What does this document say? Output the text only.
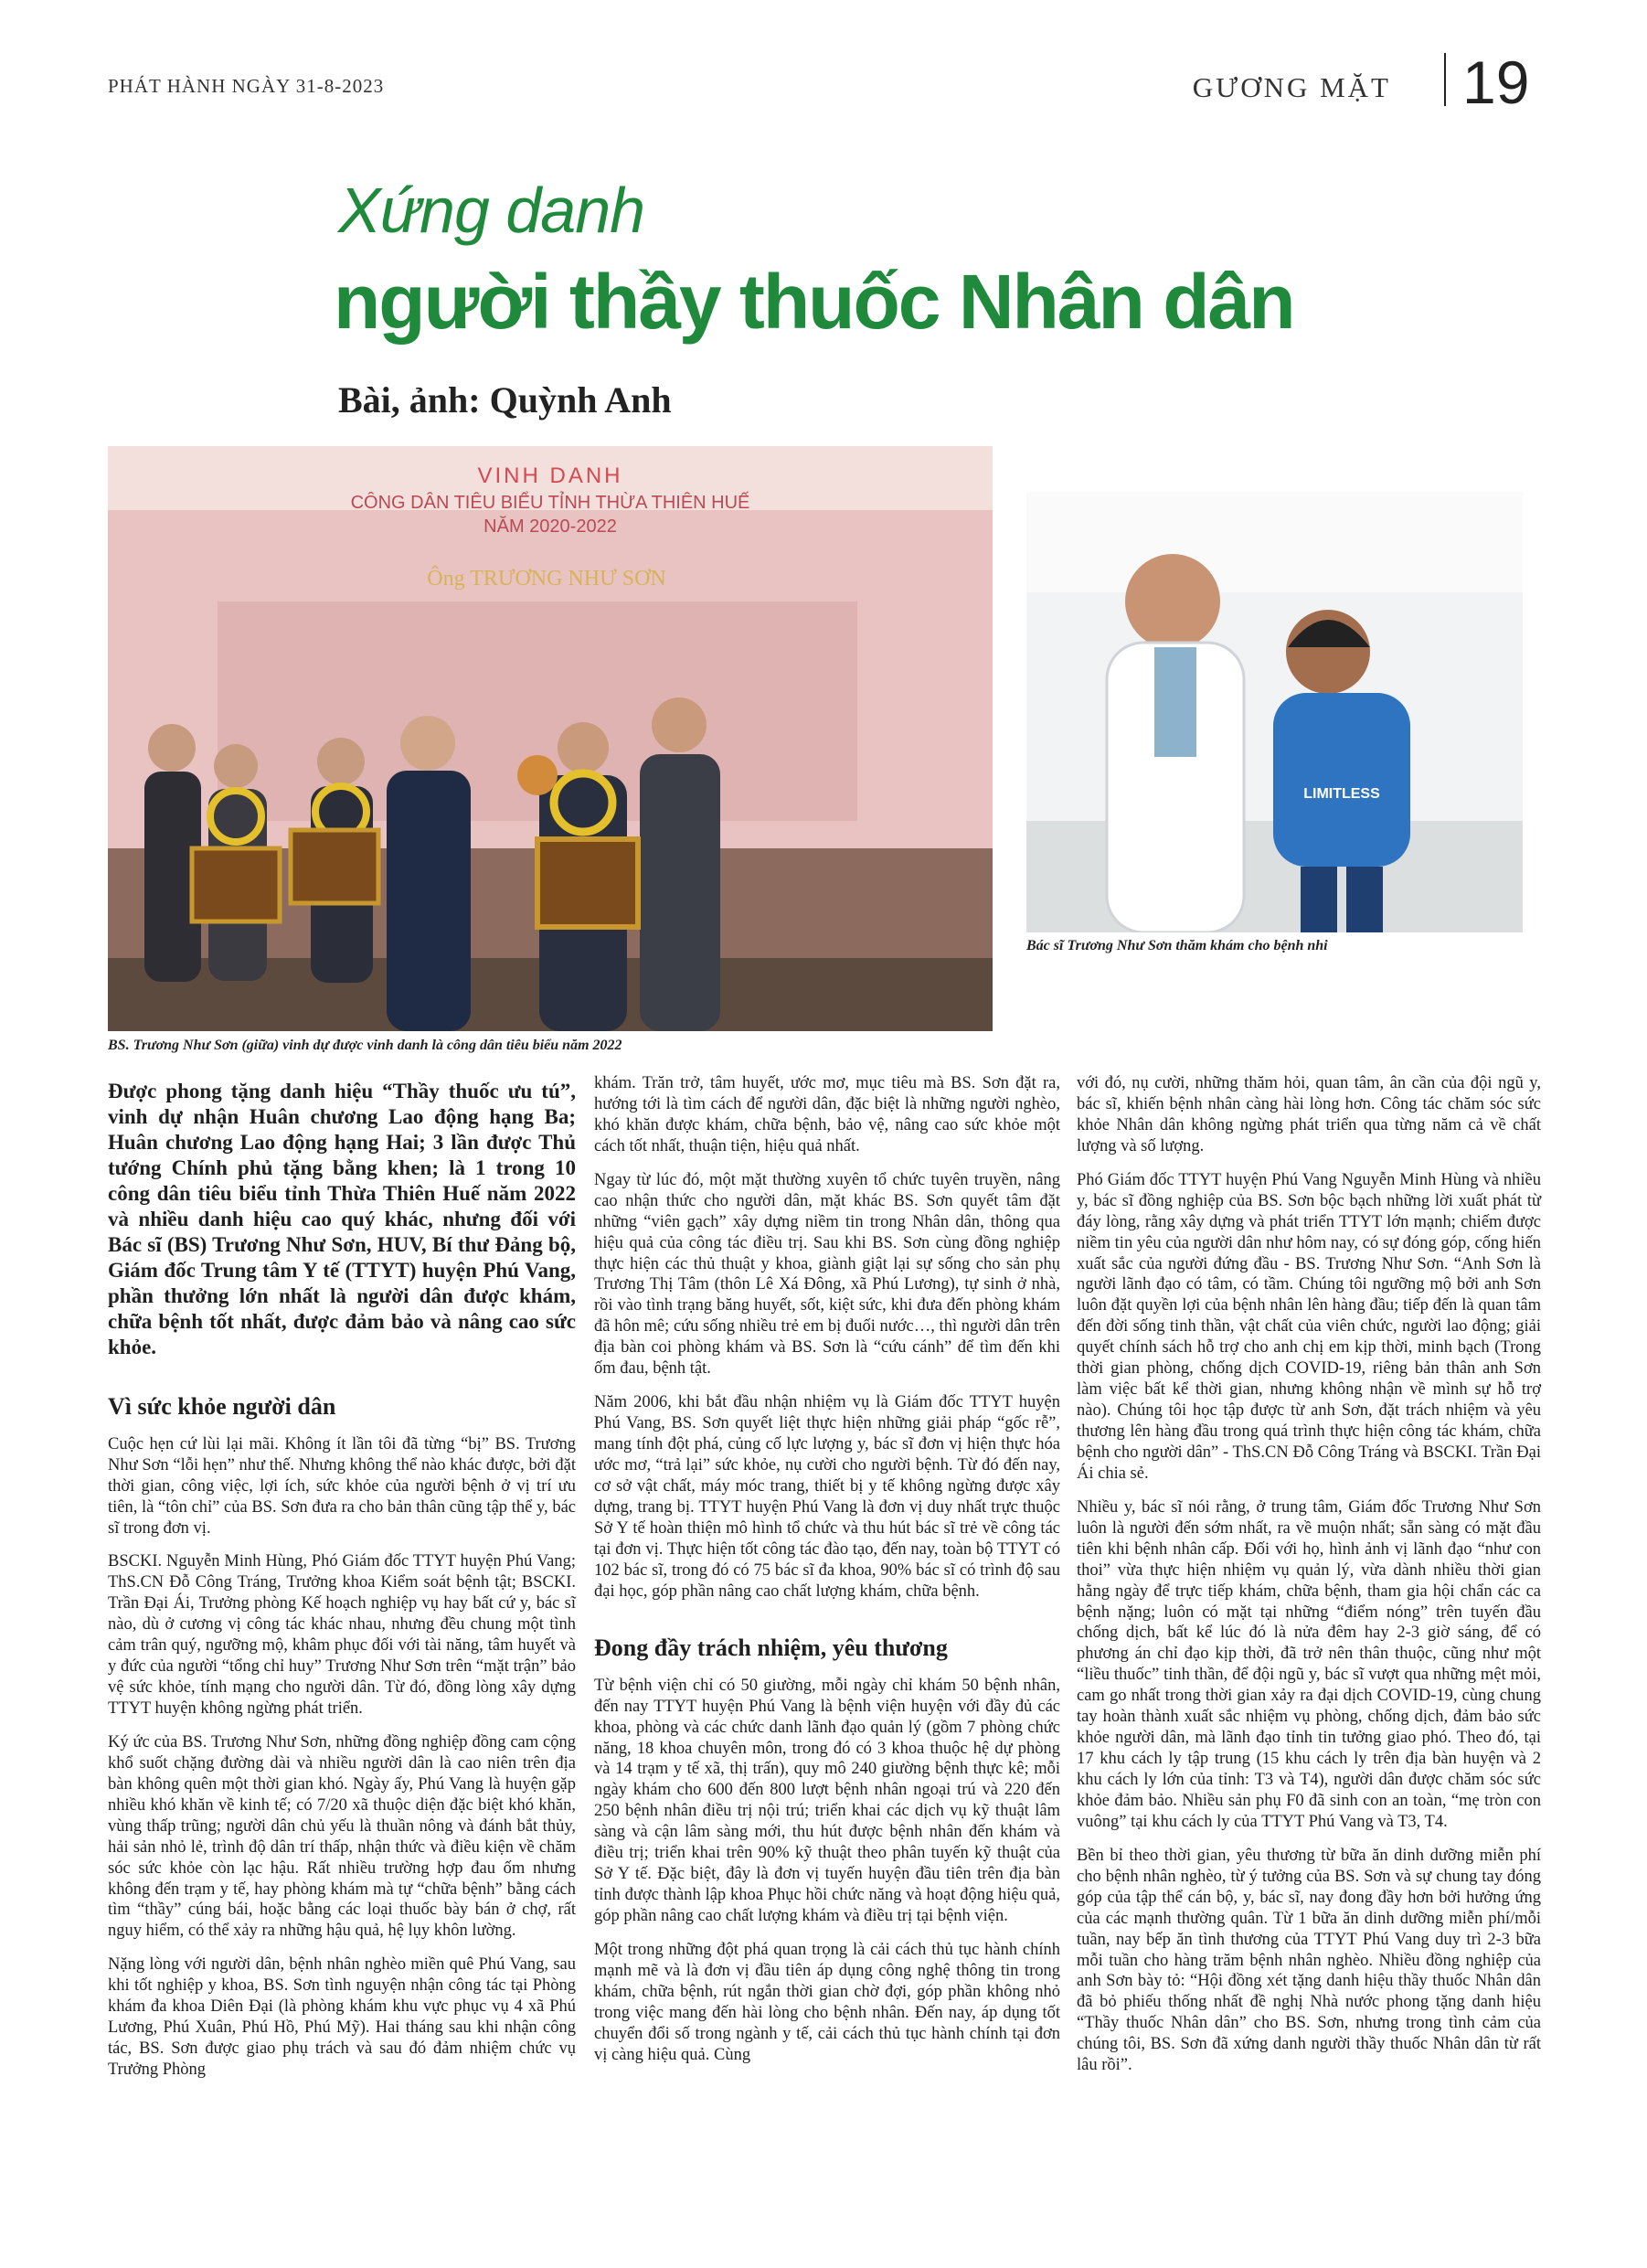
PHÁT HÀNH NGÀY 31-8-2023	GƯƠNG MẶT 19
Xứng danh
người thầy thuốc Nhân dân
Bài, ảnh: Quỳnh Anh
VINH DANH
CÔNG DÂN TIÊU BIỂU TỈNH THỪA THIÊN HUẾ
NĂM 2020-2022
Ông TRƯƠNG NHƯ SƠN
BS. Trương Như Sơn (giữa) vinh dự được vinh danh là công dân tiêu biểu năm 2022
LIMITLESS
Bác sĩ Trương Như Sơn thăm khám cho bệnh nhi

Được phong tặng danh hiệu “Thầy thuốc ưu tú”, vinh dự nhận Huân chương Lao động hạng Ba; Huân chương Lao động hạng Hai; 3 lần được Thủ tướng Chính phủ tặng bằng khen; là 1 trong 10 công dân tiêu biểu tỉnh Thừa Thiên Huế năm 2022 và nhiều danh hiệu cao quý khác, nhưng đối với Bác sĩ (BS) Trương Như Sơn, HUV, Bí thư Đảng bộ, Giám đốc Trung tâm Y tế (TTYT) huyện Phú Vang, phần thưởng lớn nhất là người dân được khám, chữa bệnh tốt nhất, được đảm bảo và nâng cao sức khỏe.

Vì sức khỏe người dân

Cuộc hẹn cứ lùi lại mãi. Không ít lần tôi đã từng “bị” BS. Trương Như Sơn “lỗi hẹn” như thế. Nhưng không thể nào khác được, bởi đặt thời gian, công việc, lợi ích, sức khỏe của người bệnh ở vị trí ưu tiên, là “tôn chỉ” của BS. Sơn đưa ra cho bản thân cũng tập thể y, bác sĩ trong đơn vị.

BSCKI. Nguyễn Minh Hùng, Phó Giám đốc TTYT huyện Phú Vang; ThS.CN Đỗ Công Tráng, Trưởng khoa Kiểm soát bệnh tật; BSCKI. Trần Đại Ái, Trưởng phòng Kế hoạch nghiệp vụ hay bất cứ y, bác sĩ nào, dù ở cương vị công tác khác nhau, nhưng đều chung một tình cảm trân quý, ngưỡng mộ, khâm phục đối với tài năng, tâm huyết và y đức của người “tổng chỉ huy” Trương Như Sơn trên “mặt trận” bảo vệ sức khỏe, tính mạng cho người dân. Từ đó, đồng lòng xây dựng TTYT huyện không ngừng phát triển.

Ký ức của BS. Trương Như Sơn, những đồng nghiệp đồng cam cộng khổ suốt chặng đường dài và nhiều người dân là cao niên trên địa bàn không quên một thời gian khó. Ngày ấy, Phú Vang là huyện gặp nhiều khó khăn về kinh tế; có 7/20 xã thuộc diện đặc biệt khó khăn, vùng thấp trũng; người dân chủ yếu là thuần nông và đánh bắt thủy, hải sản nhỏ lẻ, trình độ dân trí thấp, nhận thức và điều kiện về chăm sóc sức khỏe còn lạc hậu. Rất nhiều trường hợp đau ốm nhưng không đến trạm y tế, hay phòng khám mà tự “chữa bệnh” bằng cách tìm “thầy” cúng bái, hoặc bằng các loại thuốc bày bán ở chợ, rất nguy hiểm, có thể xảy ra những hậu quả, hệ lụy khôn lường.

Nặng lòng với người dân, bệnh nhân nghèo miền quê Phú Vang, sau khi tốt nghiệp y khoa, BS. Sơn tình nguyện nhận công tác tại Phòng khám đa khoa Diên Đại (là phòng khám khu vực phục vụ 4 xã Phú Lương, Phú Xuân, Phú Hồ, Phú Mỹ). Hai tháng sau khi nhận công tác, BS. Sơn được giao phụ trách và sau đó đảm nhiệm chức vụ Trưởng Phòng

khám. Trăn trở, tâm huyết, ước mơ, mục tiêu mà BS. Sơn đặt ra, hướng tới là tìm cách để người dân, đặc biệt là những người nghèo, khó khăn được khám, chữa bệnh, bảo vệ, nâng cao sức khỏe một cách tốt nhất, thuận tiện, hiệu quả nhất.

Ngay từ lúc đó, một mặt thường xuyên tổ chức tuyên truyền, nâng cao nhận thức cho người dân, mặt khác BS. Sơn quyết tâm đặt những “viên gạch” xây dựng niềm tin trong Nhân dân, thông qua hiệu quả của công tác điều trị. Sau khi BS. Sơn cùng đồng nghiệp thực hiện các thủ thuật y khoa, giành giật lại sự sống cho sản phụ Trương Thị Tâm (thôn Lê Xá Đông, xã Phú Lương), tự sinh ở nhà, rồi vào tình trạng băng huyết, sốt, kiệt sức, khi đưa đến phòng khám đã hôn mê; cứu sống nhiều trẻ em bị đuối nước…, thì người dân trên địa bàn coi phòng khám và BS. Sơn là “cứu cánh” để tìm đến khi ốm đau, bệnh tật.

Năm 2006, khi bắt đầu nhận nhiệm vụ là Giám đốc TTYT huyện Phú Vang, BS. Sơn quyết liệt thực hiện những giải pháp “gốc rễ”, mang tính đột phá, củng cố lực lượng y, bác sĩ đơn vị hiện thực hóa ước mơ, “trả lại” sức khỏe, nụ cười cho người bệnh. Từ đó đến nay, cơ sở vật chất, máy móc trang, thiết bị y tế không ngừng được xây dựng, trang bị. TTYT huyện Phú Vang là đơn vị duy nhất trực thuộc Sở Y tế hoàn thiện mô hình tổ chức và thu hút bác sĩ trẻ về công tác tại đơn vị. Thực hiện tốt công tác đào tạo, đến nay, toàn bộ TTYT có 102 bác sĩ, trong đó có 75 bác sĩ đa khoa, 90% bác sĩ có trình độ sau đại học, góp phần nâng cao chất lượng khám, chữa bệnh.

Đong đầy trách nhiệm, yêu thương

Từ bệnh viện chỉ có 50 giường, mỗi ngày chỉ khám 50 bệnh nhân, đến nay TTYT huyện Phú Vang là bệnh viện huyện với đầy đủ các khoa, phòng và các chức danh lãnh đạo quản lý (gồm 7 phòng chức năng, 18 khoa chuyên môn, trong đó có 3 khoa thuộc hệ dự phòng và 14 trạm y tế xã, thị trấn), quy mô 240 giường bệnh thực kê; mỗi ngày khám cho 600 đến 800 lượt bệnh nhân ngoại trú và 220 đến 250 bệnh nhân điều trị nội trú; triển khai các dịch vụ kỹ thuật lâm sàng và cận lâm sàng mới, thu hút được bệnh nhân đến khám và điều trị; triển khai trên 90% kỹ thuật theo phân tuyến kỹ thuật của Sở Y tế. Đặc biệt, đây là đơn vị tuyến huyện đầu tiên trên địa bàn tỉnh được thành lập khoa Phục hồi chức năng và hoạt động hiệu quả, góp phần nâng cao chất lượng khám và điều trị tại bệnh viện.

Một trong những đột phá quan trọng là cải cách thủ tục hành chính mạnh mẽ và là đơn vị đầu tiên áp dụng công nghệ thông tin trong khám, chữa bệnh, rút ngắn thời gian chờ đợi, góp phần không nhỏ trong việc mang đến hài lòng cho bệnh nhân. Đến nay, áp dụng tốt chuyển đổi số trong ngành y tế, cải cách thủ tục hành chính tại đơn vị càng hiệu quả. Cùng

với đó, nụ cười, những thăm hỏi, quan tâm, ân cần của đội ngũ y, bác sĩ, khiến bệnh nhân càng hài lòng hơn. Công tác chăm sóc sức khỏe Nhân dân không ngừng phát triển qua từng năm cả về chất lượng và số lượng.

Phó Giám đốc TTYT huyện Phú Vang Nguyễn Minh Hùng và nhiều y, bác sĩ đồng nghiệp của BS. Sơn bộc bạch những lời xuất phát từ đáy lòng, rằng xây dựng và phát triển TTYT lớn mạnh; chiếm được niềm tin yêu của người dân như hôm nay, có sự đóng góp, cống hiến xuất sắc của người đứng đầu - BS. Trương Như Sơn. “Anh Sơn là người lãnh đạo có tâm, có tầm. Chúng tôi ngưỡng mộ bởi anh Sơn luôn đặt quyền lợi của bệnh nhân lên hàng đầu; tiếp đến là quan tâm đến đời sống tinh thần, vật chất của viên chức, người lao động; giải quyết chính sách hỗ trợ cho anh chị em kịp thời, minh bạch (Trong thời gian phòng, chống dịch COVID-19, riêng bản thân anh Sơn làm việc bất kể thời gian, nhưng không nhận về mình sự hỗ trợ nào). Chúng tôi học tập được từ anh Sơn, đặt trách nhiệm và yêu thương lên hàng đầu trong quá trình thực hiện công tác khám, chữa bệnh cho người dân” - ThS.CN Đỗ Công Tráng và BSCKI. Trần Đại Ái chia sẻ.

Nhiều y, bác sĩ nói rằng, ở trung tâm, Giám đốc Trương Như Sơn luôn là người đến sớm nhất, ra về muộn nhất; sẵn sàng có mặt đầu tiên khi bệnh nhân cấp. Đối với họ, hình ảnh vị lãnh đạo “như con thoi” vừa thực hiện nhiệm vụ quản lý, vừa dành nhiều thời gian hằng ngày để trực tiếp khám, chữa bệnh, tham gia hội chẩn các ca bệnh nặng; luôn có mặt tại những “điểm nóng” trên tuyến đầu chống dịch, bất kể lúc đó là nửa đêm hay 2-3 giờ sáng, để có phương án chỉ đạo kịp thời, đã trở nên thân thuộc, cũng như một “liều thuốc” tinh thần, để đội ngũ y, bác sĩ vượt qua những mệt mỏi, cam go nhất trong thời gian xảy ra đại dịch COVID-19, cùng chung tay hoàn thành xuất sắc nhiệm vụ phòng, chống dịch, đảm bảo sức khỏe người dân, mà lãnh đạo tỉnh tin tưởng giao phó. Theo đó, tại 17 khu cách ly tập trung (15 khu cách ly trên địa bàn huyện và 2 khu cách ly lớn của tỉnh: T3 và T4), người dân được chăm sóc sức khỏe đảm bảo. Nhiều sản phụ F0 đã sinh con an toàn, “mẹ tròn con vuông” tại khu cách ly của TTYT Phú Vang và T3, T4.

Bền bỉ theo thời gian, yêu thương từ bữa ăn dinh dưỡng miễn phí cho bệnh nhân nghèo, từ ý tưởng của BS. Sơn và sự chung tay đóng góp của tập thể cán bộ, y, bác sĩ, nay đong đầy hơn bởi hưởng ứng của các mạnh thường quân. Từ 1 bữa ăn dinh dưỡng miễn phí/mỗi tuần, nay bếp ăn tình thương của TTYT Phú Vang duy trì 2-3 bữa mỗi tuần cho hàng trăm bệnh nhân nghèo. Nhiều đồng nghiệp của anh Sơn bày tỏ: “Hội đồng xét tặng danh hiệu thầy thuốc Nhân dân đã bỏ phiếu thống nhất đề nghị Nhà nước phong tặng danh hiệu “Thầy thuốc Nhân dân” cho BS. Sơn, nhưng trong tình cảm của chúng tôi, BS. Sơn đã xứng danh người thầy thuốc Nhân dân từ rất lâu rồi”.
